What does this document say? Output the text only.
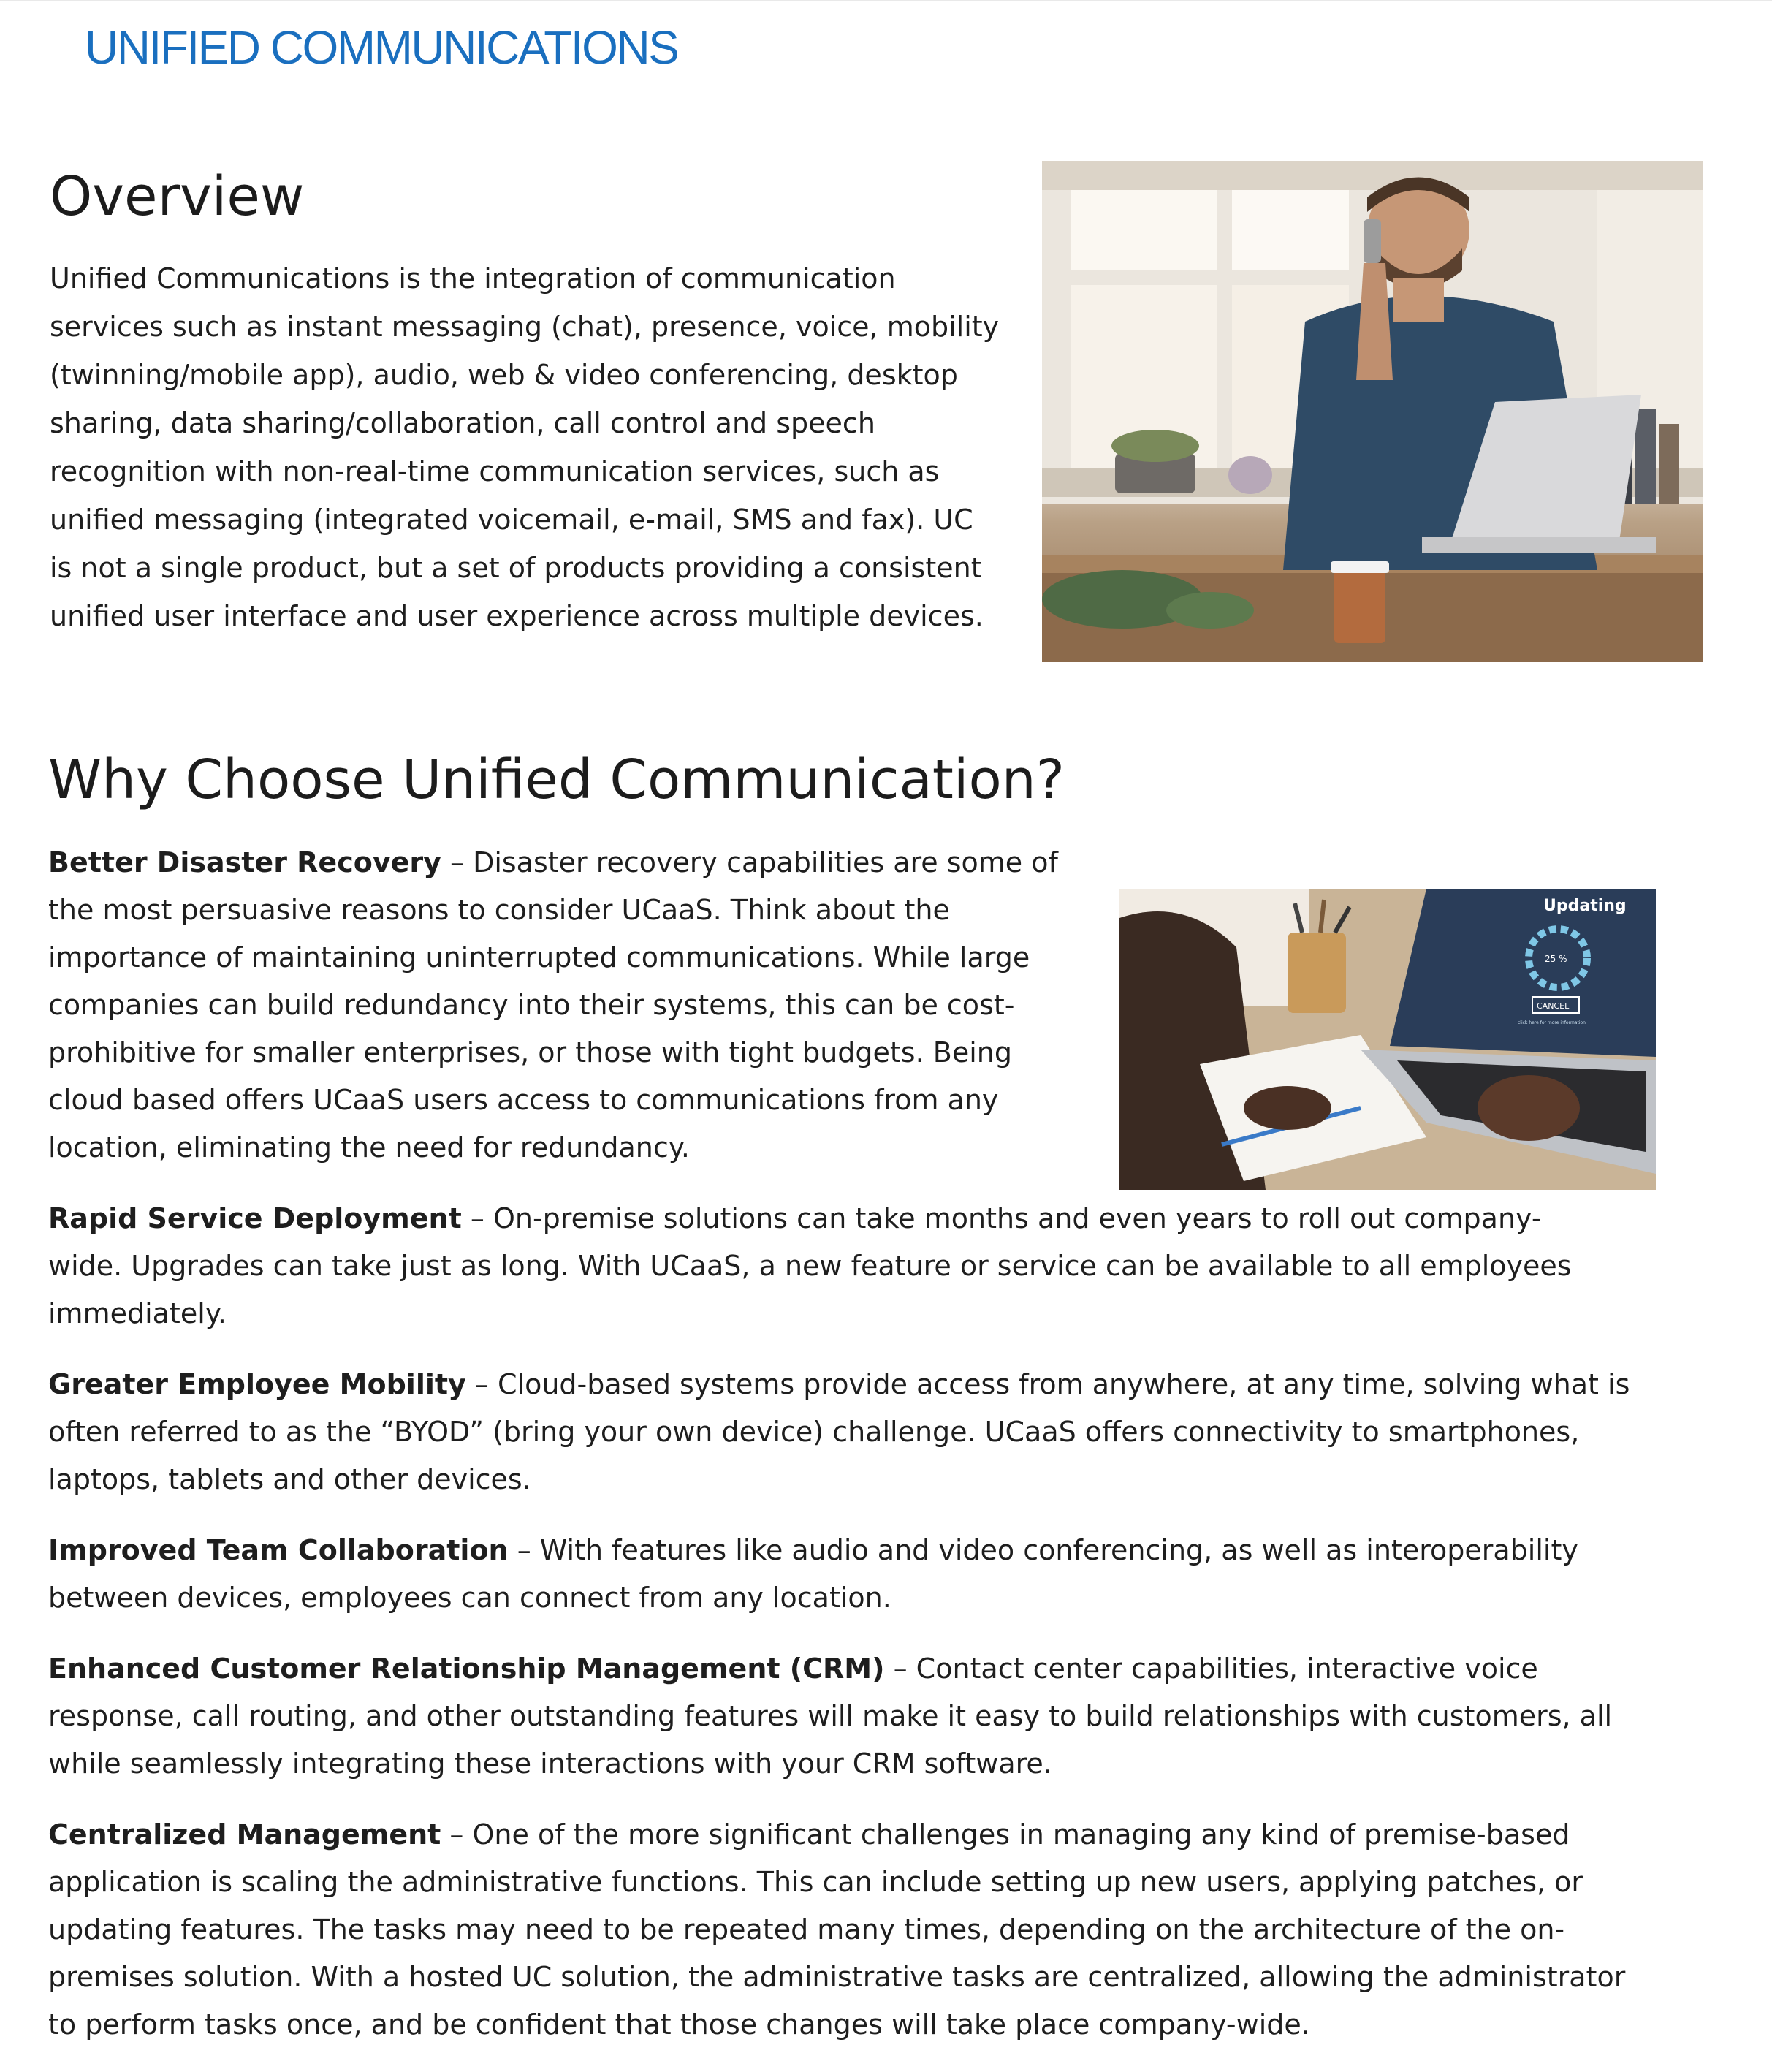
UNIFIED COMMUNICATIONS
Overview

Unified Communications is the integration of communication services such as instant messaging (chat), presence, voice, mobility (twinning/mobile app), audio, web & video conferencing, desktop sharing, data sharing/collaboration, call control and speech recognition with non-real-time communication services, such as unified messaging (integrated voicemail, e-mail, SMS and fax). UC is not a single product, but a set of products providing a consistent unified user interface and user experience across multiple devices.

Why Choose Unified Communication?
Updating
25 %
CANCEL
click here for more information

Better Disaster Recovery – Disaster recovery capabilities are some of the most persuasive reasons to consider UCaaS. Think about the importance of maintaining uninterrupted communications. While large companies can build redundancy into their systems, this can be cost-prohibitive for smaller enterprises, or those with tight budgets. Being cloud based offers UCaaS users access to communications from any location, eliminating the need for redundancy.

Rapid Service Deployment – On-premise solutions can take months and even years to roll out company-wide. Upgrades can take just as long. With UCaaS, a new feature or service can be available to all employees immediately.

Greater Employee Mobility – Cloud-based systems provide access from anywhere, at any time, solving what is often referred to as the “BYOD” (bring your own device) challenge. UCaaS offers connectivity to smartphones, laptops, tablets and other devices.

Improved Team Collaboration – With features like audio and video conferencing, as well as interoperability between devices, employees can connect from any location.

Enhanced Customer Relationship Management (CRM) – Contact center capabilities, interactive voice response, call routing, and other outstanding features will make it easy to build relationships with customers, all while seamlessly integrating these interactions with your CRM software.

Centralized Management – One of the more significant challenges in managing any kind of premise-based application is scaling the administrative functions. This can include setting up new users, applying patches, or updating features. The tasks may need to be repeated many times, depending on the architecture of the on-premises solution. With a hosted UC solution, the administrative tasks are centralized, allowing the administrator to perform tasks once, and be confident that those changes will take place company-wide.
